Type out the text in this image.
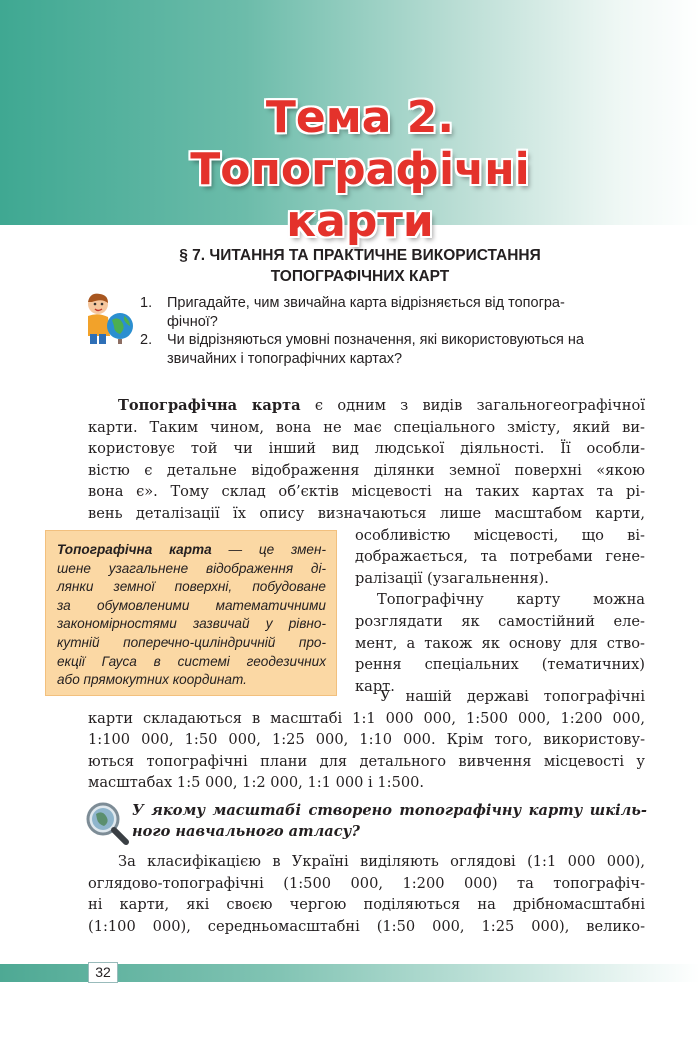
Тема 2. Топографічні
карти
§ 7. ЧИТАННЯ ТА ПРАКТИЧНЕ ВИКОРИСТАННЯ
ТОПОГРАФІЧНИХ КАРТ
1. Пригадайте, чим звичайна карта відрізняється від топогра-
фічної?
2. Чи відрізняються умовні позначення, які використовуються на
звичайних і топографічних картах?
Топографічна карта є одним з видів загальногеографічної
карти. Таким чином, вона не має спеціального змісту, який ви-
користовує той чи інший вид людської діяльності. Її особли-
вістю є детальне відображення ділянки земної поверхні «якою
вона є». Тому склад об’єктів місцевості на таких картах та рі-
вень деталізації їх опису визначаються лише масштабом карти,
особливістю місцевості, що ві-
дображається, та потребами гене-
ралізації (узагальнення).
Топографічну карту можна
розглядати як самостійний еле-
мент, а також як основу для ство-
рення спеціальних (тематичних)
карт.
У нашій державі топографічні
карти складаються в масштабі 1:1 000 000, 1:500 000, 1:200 000,
1:100 000, 1:50 000, 1:25 000, 1:10 000. Крім того, використову-
ються топографічні плани для детального вивчення місцевості у
масштабах 1:5 000, 1:2 000, 1:1 000 і 1:500.
Топографічна карта — це змен-
шене узагальнене відображення ді-
лянки земної поверхні, побудоване
за обумовленими математичними
закономірностями зазвичай у рівно-
кутній поперечно-циліндричній про-
екції Гауса в системі геодезичних
або прямокутних координат.
У якому масштабі створено топографічну карту шкіль-
ного навчального атласу?
За класифікацією в Україні виділяють оглядові (1:1 000 000),
оглядово-топографічні (1:500 000, 1:200 000) та топографіч-
ні карти, які своєю чергою поділяються на дрібномасштабні
(1:100 000), середньомасштабні (1:50 000, 1:25 000), велико-
32
